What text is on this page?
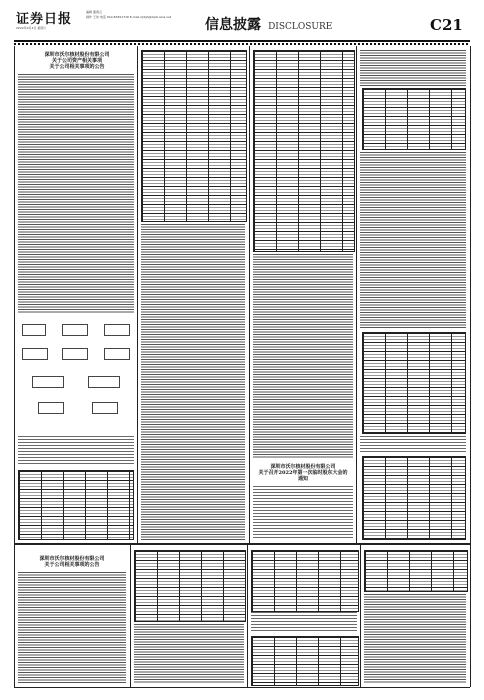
证券日报
2022年9月3日 星期六
编辑 董春云
制作 王伟 电话 010-83251716 E-mail zjrbjh@zqrb.sina.net 信息披露 DISCLOSURE	C21
深圳市沃尔核材股份有限公司
关于公司资产相关事项
关于公司相关事项的公告
深圳市沃尔核材股份有限公司
关于召开2022年第一次临时股东大会的
通知
深圳市沃尔核材股份有限公司
关于公司相关事项的公告
